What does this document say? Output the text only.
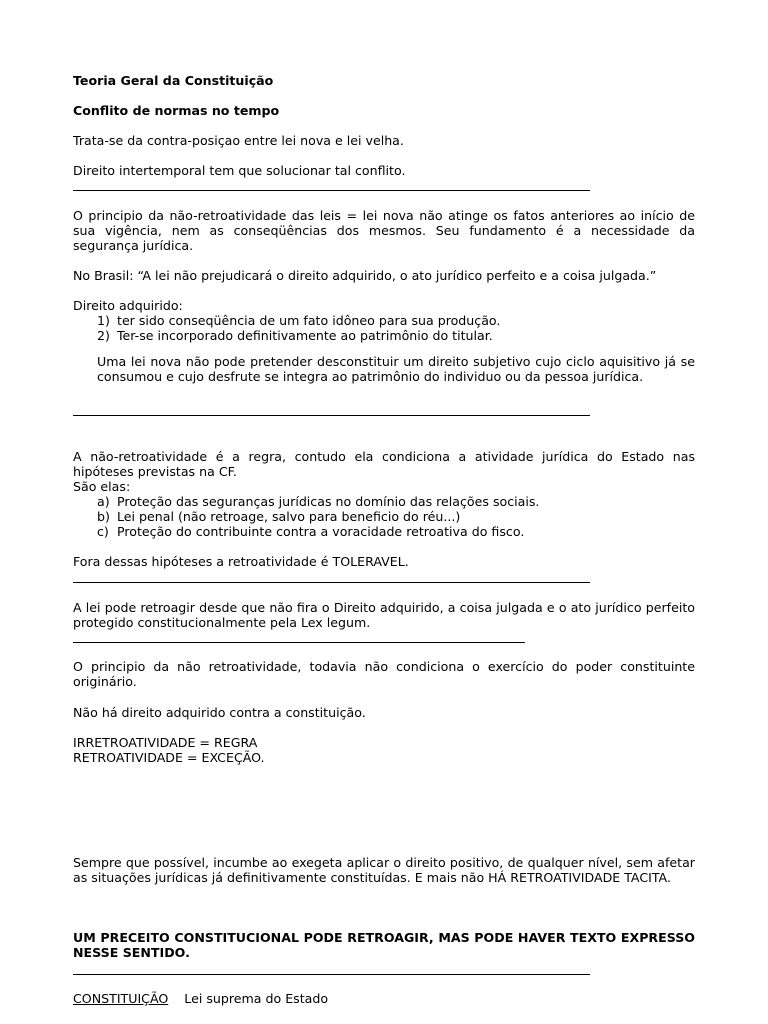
Teoria Geral da Constituição
Conflito de normas no tempo
Trata-se da contra-posiçao entre lei nova e lei velha.
Direito intertemporal tem que solucionar tal conflito.
O principio da não-retroatividade das leis = lei nova não atinge os fatos anteriores ao início de sua vigência, nem as conseqüências dos mesmos. Seu fundamento é a necessidade da segurança jurídica.
No Brasil: “A lei não prejudicará o direito adquirido, o ato jurídico perfeito e a coisa julgada.”
Direito adquirido:
1) ter sido conseqüência de um fato idôneo para sua produção.
2) Ter-se incorporado definitivamente ao patrimônio do titular.
Uma lei nova não pode pretender desconstituir um direito subjetivo cujo ciclo aquisitivo já se consumou e cujo desfrute se integra ao patrimônio do individuo ou da pessoa jurídica.
A não-retroatividade é a regra, contudo ela condiciona a atividade jurídica do Estado nas hipóteses previstas na CF.
São elas:
a) Proteção das seguranças jurídicas no domínio das relações sociais.
b) Lei penal (não retroage, salvo para beneficio do réu...)
c) Proteção do contribuinte contra a voracidade retroativa do fisco.
Fora dessas hipóteses a retroatividade é TOLERAVEL.
A lei pode retroagir desde que não fira o Direito adquirido, a coisa julgada e o ato jurídico perfeito protegido constitucionalmente pela Lex legum.
O principio da não retroatividade, todavia não condiciona o exercício do poder constituinte originário.
Não há direito adquirido contra a constituição.
IRRETROATIVIDADE = REGRA
RETROATIVIDADE = EXCEÇÃO.
Sempre que possível, incumbe ao exegeta aplicar o direito positivo, de qualquer nível, sem afetar as situações jurídicas já definitivamente constituídas. E mais não HÁ RETROATIVIDADE TACITA.
UM PRECEITO CONSTITUCIONAL PODE RETROAGIR, MAS PODE HAVER TEXTO EXPRESSO NESSE SENTIDO.
CONSTITUIÇÃO Lei suprema do Estado
